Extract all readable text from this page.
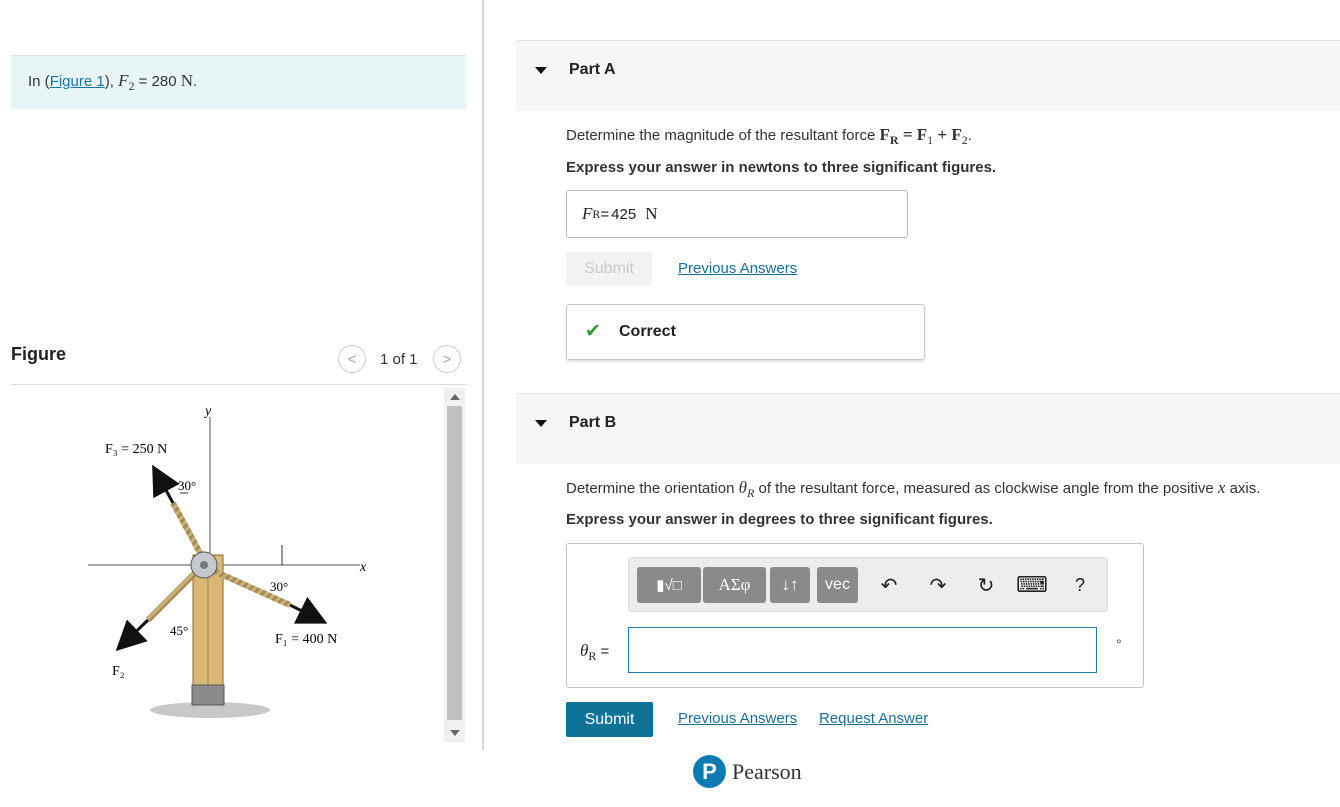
In (Figure 1), $F_2 = 280$ N.
Figure	< 1 of 1 >
y
x
F₃ = 250 N
30°
30°
45°
F₁ = 400 N
F₂
Part A
Determine the magnitude of the resultant force $F_R = F_1 + F_2$.
Express your answer in newtons to three significant figures.
F R = 425 N
Submit	Previous Answers
✔ Correct
Part B
Determine the orientation $\theta_R$ of the resultant force, measured as clockwise angle from the positive x axis.
Express your answer in degrees to three significant figures.
▮√□	AΣφ	↓↑	vec	↶ ↷ ↻ ⌨	?
$\theta_R$ =	°
Submit	Previous Answers Request Answer
P Pearson
